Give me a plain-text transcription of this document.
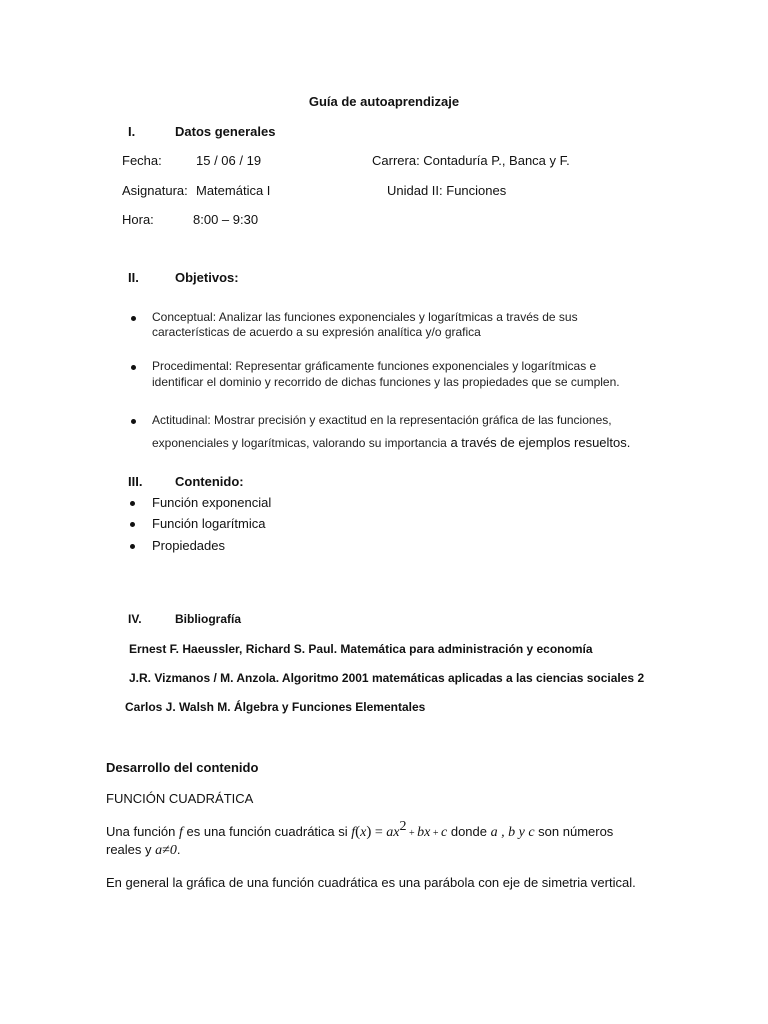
Guía de autoaprendizaje
I.	Datos generales
Fecha:	15 / 06 / 19	Carrera: Contaduría P., Banca y F.
Asignatura: Matemática I	Unidad II: Funciones
Hora:	8:00 – 9:30
II.	Objetivos:
Conceptual: Analizar las funciones exponenciales y logarítmicas a través de sus
características de acuerdo a su expresión analítica y/o grafica
Procedimental: Representar gráficamente funciones exponenciales y logarítmicas e
identificar el dominio y recorrido de dichas funciones y las propiedades que se cumplen.
Actitudinal: Mostrar precisión y exactitud en la representación gráfica de las funciones,
exponenciales y logarítmicas, valorando su importancia a través de ejemplos resueltos.
III.	Contenido:
Función exponencial
Función logarítmica
Propiedades
IV.	Bibliografía
Ernest F. Haeussler, Richard S. Paul. Matemática para administración y economía
J.R. Vizmanos / M. Anzola. Algoritmo 2001 matemáticas aplicadas a las ciencias sociales 2
Carlos J. Walsh M. Álgebra y Funciones Elementales
Desarrollo del contenido
FUNCIÓN CUADRÁTICA
Una función f es una función cuadrática si $f(x) = ax^2$ + bx + c donde a , b y c son números
reales y a≠0.
En general la gráfica de una función cuadrática es una parábola con eje de simetria vertical.
